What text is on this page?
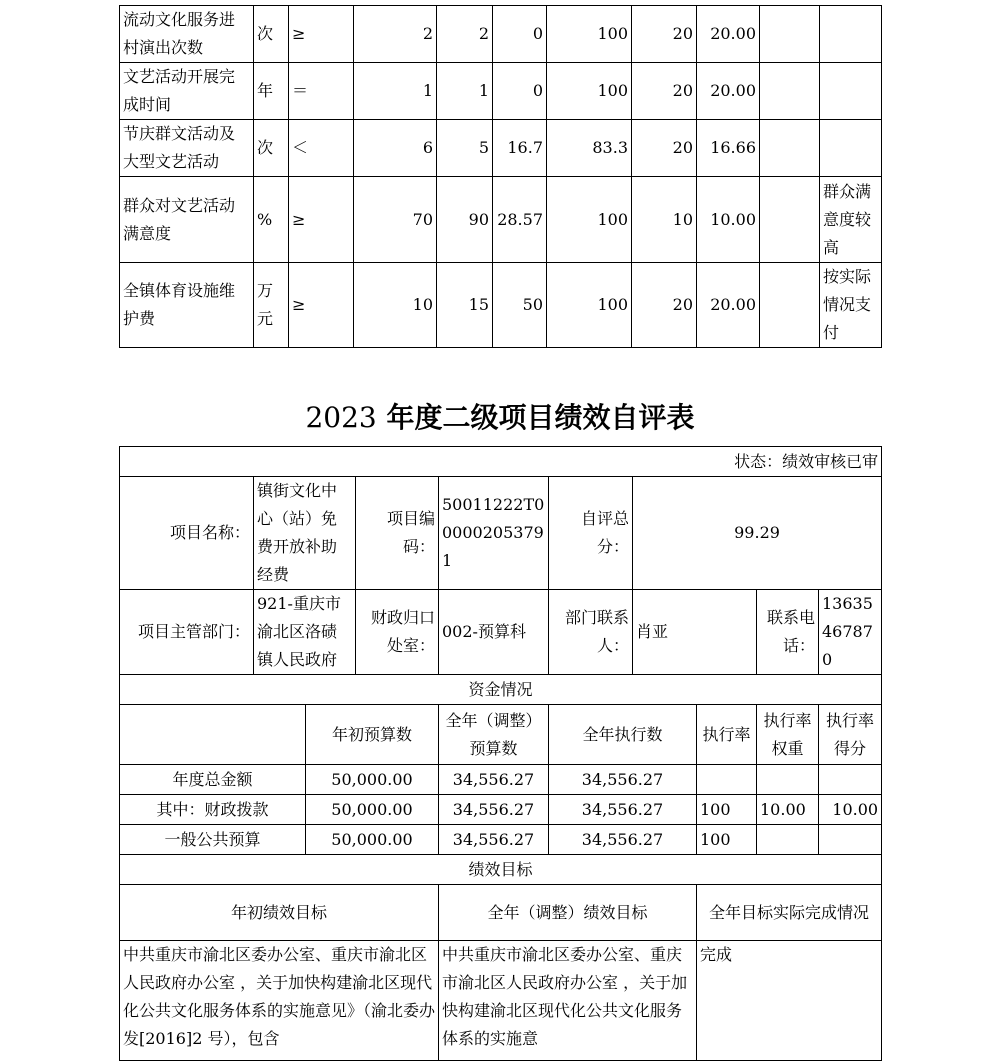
流动文化服务进村演出次数	次	≥	2	2	0	100	20	20.00		
文艺活动开展完成时间	年	＝	1	1	0	100	20	20.00		
节庆群文活动及大型文艺活动	次	＜	6	5	16.7	83.3	20	16.66		
群众对文艺活动满意度	%	≥	70	90	28.57	100	10	10.00		群众满意度较高
全镇体育设施维护费	万元	≥	10	15	50	100	20	20.00		按实际情况支付
2023 年度二级项目绩效自评表
状态：绩效审核已审									
项目名称：	镇街文化中心（站）免费开放补助经费		项目编码：	50011222T000002053791	自评总分：	99.29			
项目主管部门：	921-重庆市渝北区洛碛镇人民政府		财政归口处室：	002-预算科	部门联系人：	肖亚		联系电话：	13635467870
资金情况									
		年初预算数		全年（调整）预算数	全年执行数		执行率	执行率权重	执行率得分
年度总金额		50,000.00		34,556.27	34,556.27				
其中：财政拨款		50,000.00		34,556.27	34,556.27		100	10.00	10.00
一般公共预算		50,000.00		34,556.27	34,556.27		100		
绩效目标									
年初绩效目标				全年（调整）绩效目标			全年目标实际完成情况		
中共重庆市渝北区委办公室、重庆市渝北区人民政府办公室 ，关于加快构建渝北区现代化公共文化服务体系的实施意见》（渝北委办发[2016]2 号），包含				中共重庆市渝北区委办公室、重庆市渝北区人民政府办公室 ，关于加快构建渝北区现代化公共文化服务体系的实施意			完成		
